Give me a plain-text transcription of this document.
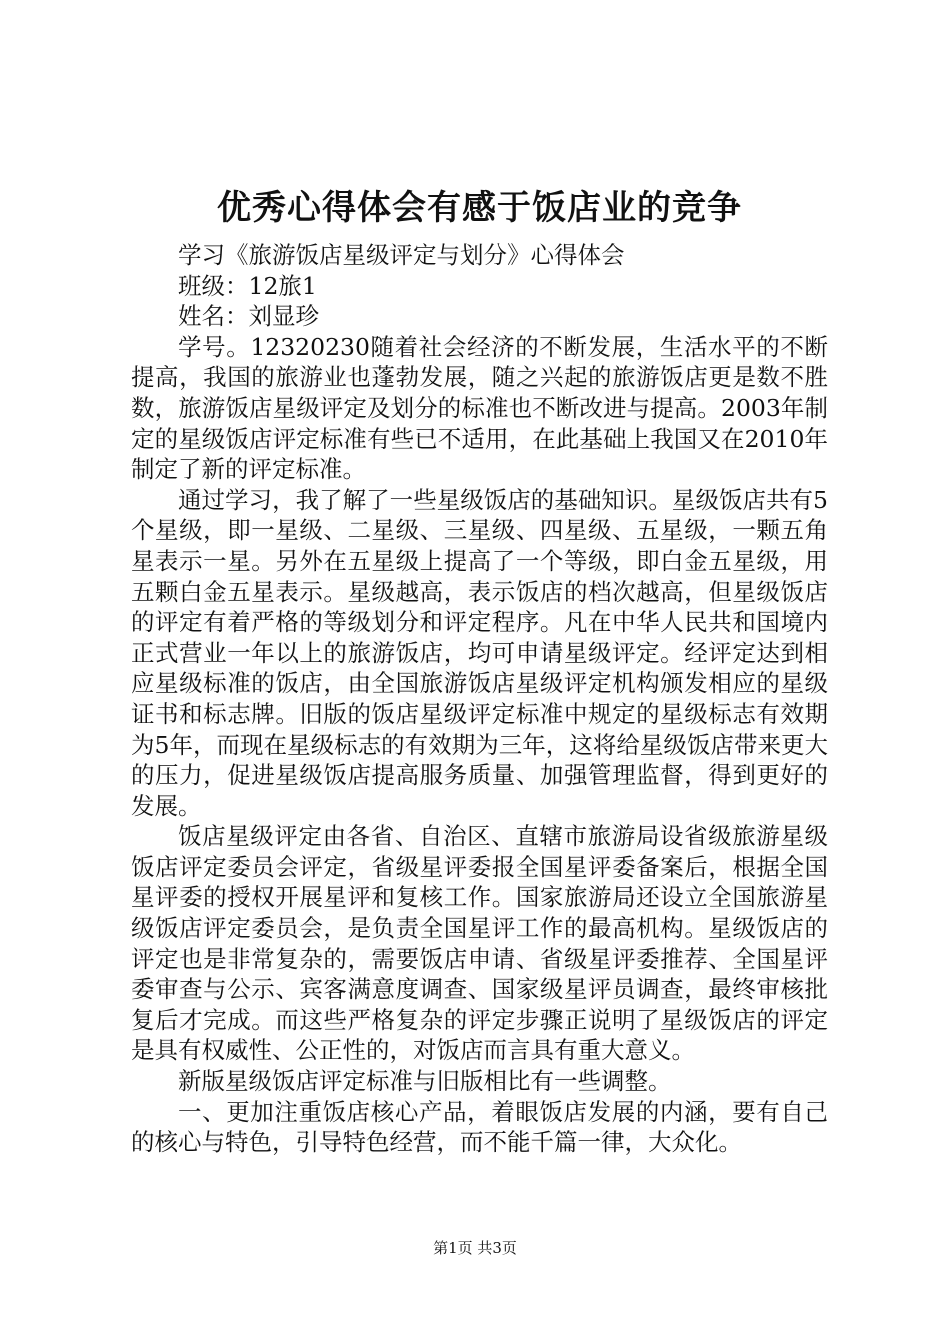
优秀心得体会有感于饭店业的竞争

学习《旅游饭店星级评定与划分》心得体会

班级：12旅1

姓名：刘显珍

学号。12320230随着社会经济的不断发展，生活水平的不断提高，我国的旅游业也蓬勃发展，随之兴起的旅游饭店更是数不胜数，旅游饭店星级评定及划分的标准也不断改进与提高。2003年制定的星级饭店评定标准有些已不适用，在此基础上我国又在2010年制定了新的评定标准。

通过学习，我了解了一些星级饭店的基础知识。星级饭店共有5个星级，即一星级、二星级、三星级、四星级、五星级，一颗五角星表示一星。另外在五星级上提高了一个等级，即白金五星级，用五颗白金五星表示。星级越高，表示饭店的档次越高，但星级饭店的评定有着严格的等级划分和评定程序。凡在中华人民共和国境内正式营业一年以上的旅游饭店，均可申请星级评定。经评定达到相应星级标准的饭店，由全国旅游饭店星级评定机构颁发相应的星级证书和标志牌。旧版的饭店星级评定标准中规定的星级标志有效期为5年，而现在星级标志的有效期为三年，这将给星级饭店带来更大的压力，促进星级饭店提高服务质量、加强管理监督，得到更好的发展。

饭店星级评定由各省、自治区、直辖市旅游局设省级旅游星级饭店评定委员会评定，省级星评委报全国星评委备案后，根据全国星评委的授权开展星评和复核工作。国家旅游局还设立全国旅游星级饭店评定委员会，是负责全国星评工作的最高机构。星级饭店的评定也是非常复杂的，需要饭店申请、省级星评委推荐、全国星评委审查与公示、宾客满意度调查、国家级星评员调查，最终审核批复后才完成。而这些严格复杂的评定步骤正说明了星级饭店的评定是具有权威性、公正性的，对饭店而言具有重大意义。

新版星级饭店评定标准与旧版相比有一些调整。

一、更加注重饭店核心产品，着眼饭店发展的内涵，要有自己的核心与特色，引导特色经营，而不能千篇一律，大众化。

第1页 共3页
